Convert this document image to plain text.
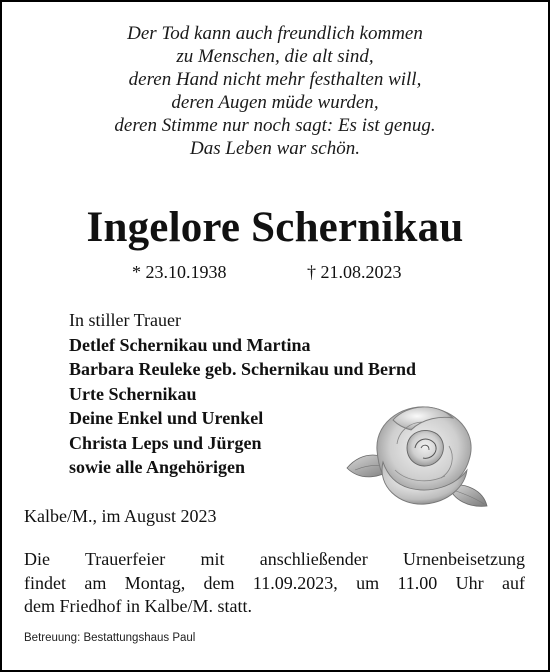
Der Tod kann auch freundlich kommen
zu Menschen, die alt sind,
deren Hand nicht mehr festhalten will,
deren Augen müde wurden,
deren Stimme nur noch sagt: Es ist genug.
Das Leben war schön.
Ingelore Schernikau
* 23.10.1938	† 21.08.2023
In stiller Trauer
Detlef Schernikau und Martina
Barbara Reuleke geb. Schernikau und Bernd
Urte Schernikau
Deine Enkel und Urenkel
Christa Leps und Jürgen
sowie alle Angehörigen
Kalbe/M., im August 2023
Die Trauerfeier mit anschließender Urnenbeisetzung
findet am Montag, dem 11.09.2023, um 11.00 Uhr auf
dem Friedhof in Kalbe/M. statt.
Betreuung: Bestattungshaus Paul
